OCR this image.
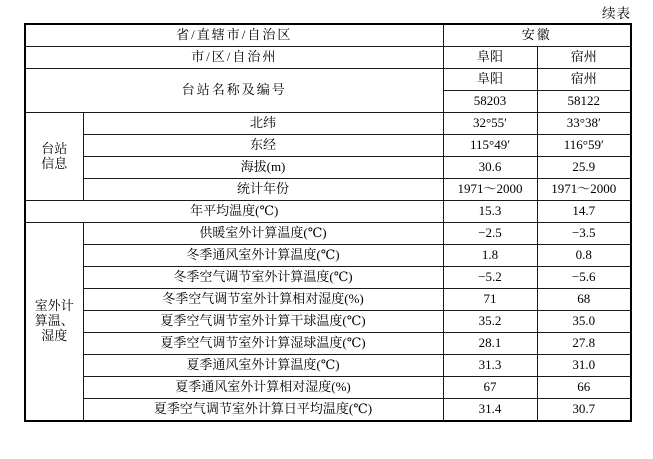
续表
省/直辖市/自治区		安徽	
市/区/自治州		阜阳	宿州
台站名称及编号		阜阳	宿州
		58203	58122

台站
信息	北纬	32°55′	33°38′
	东经	115°49′	116°59′
	海拔(m)	30.6	25.9
	统计年份	1971～2000	1971～2000
年平均温度(℃)		15.3	14.7

室外计
算温、
湿度	供暖室外计算温度(℃)	−2.5	−3.5
	冬季通风室外计算温度(℃)	1.8	0.8
	冬季空气调节室外计算温度(℃)	−5.2	−5.6
	冬季空气调节室外计算相对湿度(%)	71	68
	夏季空气调节室外计算干球温度(℃)	35.2	35.0
	夏季空气调节室外计算湿球温度(℃)	28.1	27.8
	夏季通风室外计算温度(℃)	31.3	31.0
	夏季通风室外计算相对湿度(%)	67	66
	夏季空气调节室外计算日平均温度(℃)	31.4	30.7
